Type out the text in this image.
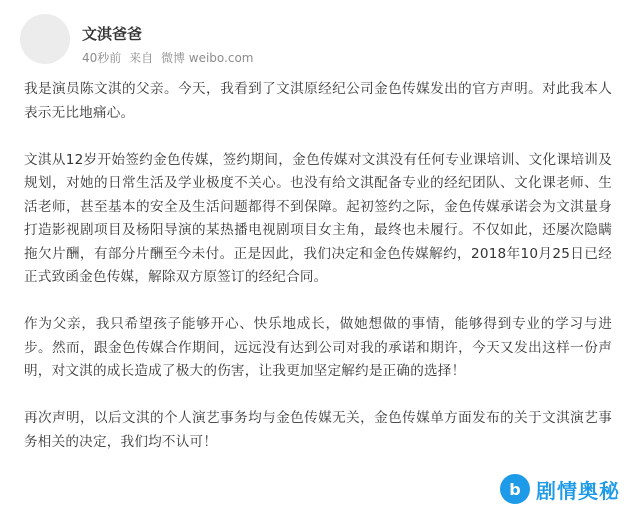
文淇爸爸
40秒前 来自 微博 weibo.com

我是演员陈文淇的父亲。今天，我看到了文淇原经纪公司金色传媒发出的官方声明。对此我本人表示无比地痛心。

文淇从12岁开始签约金色传媒，签约期间，金色传媒对文淇没有任何专业课培训、文化课培训及规划，对她的日常生活及学业极度不关心。也没有给文淇配备专业的经纪团队、文化课老师、生活老师，甚至基本的安全及生活问题都得不到保障。起初签约之际，金色传媒承诺会为文淇量身打造影视剧项目及杨阳导演的某热播电视剧项目女主角，最终也未履行。不仅如此，还屡次隐瞒拖欠片酬，有部分片酬至今未付。正是因此，我们决定和金色传媒解约，2018年10月25日已经正式致函金色传媒，解除双方原签订的经纪合同。

作为父亲，我只希望孩子能够开心、快乐地成长，做她想做的事情，能够得到专业的学习与进步。然而，跟金色传媒合作期间，远远没有达到公司对我的承诺和期许，今天又发出这样一份声明，对文淇的成长造成了极大的伤害，让我更加坚定解约是正确的选择！

再次声明，以后文淇的个人演艺事务均与金色传媒无关，金色传媒单方面发布的关于文淇演艺事务相关的决定，我们均不认可！

b 剧情奥秘
